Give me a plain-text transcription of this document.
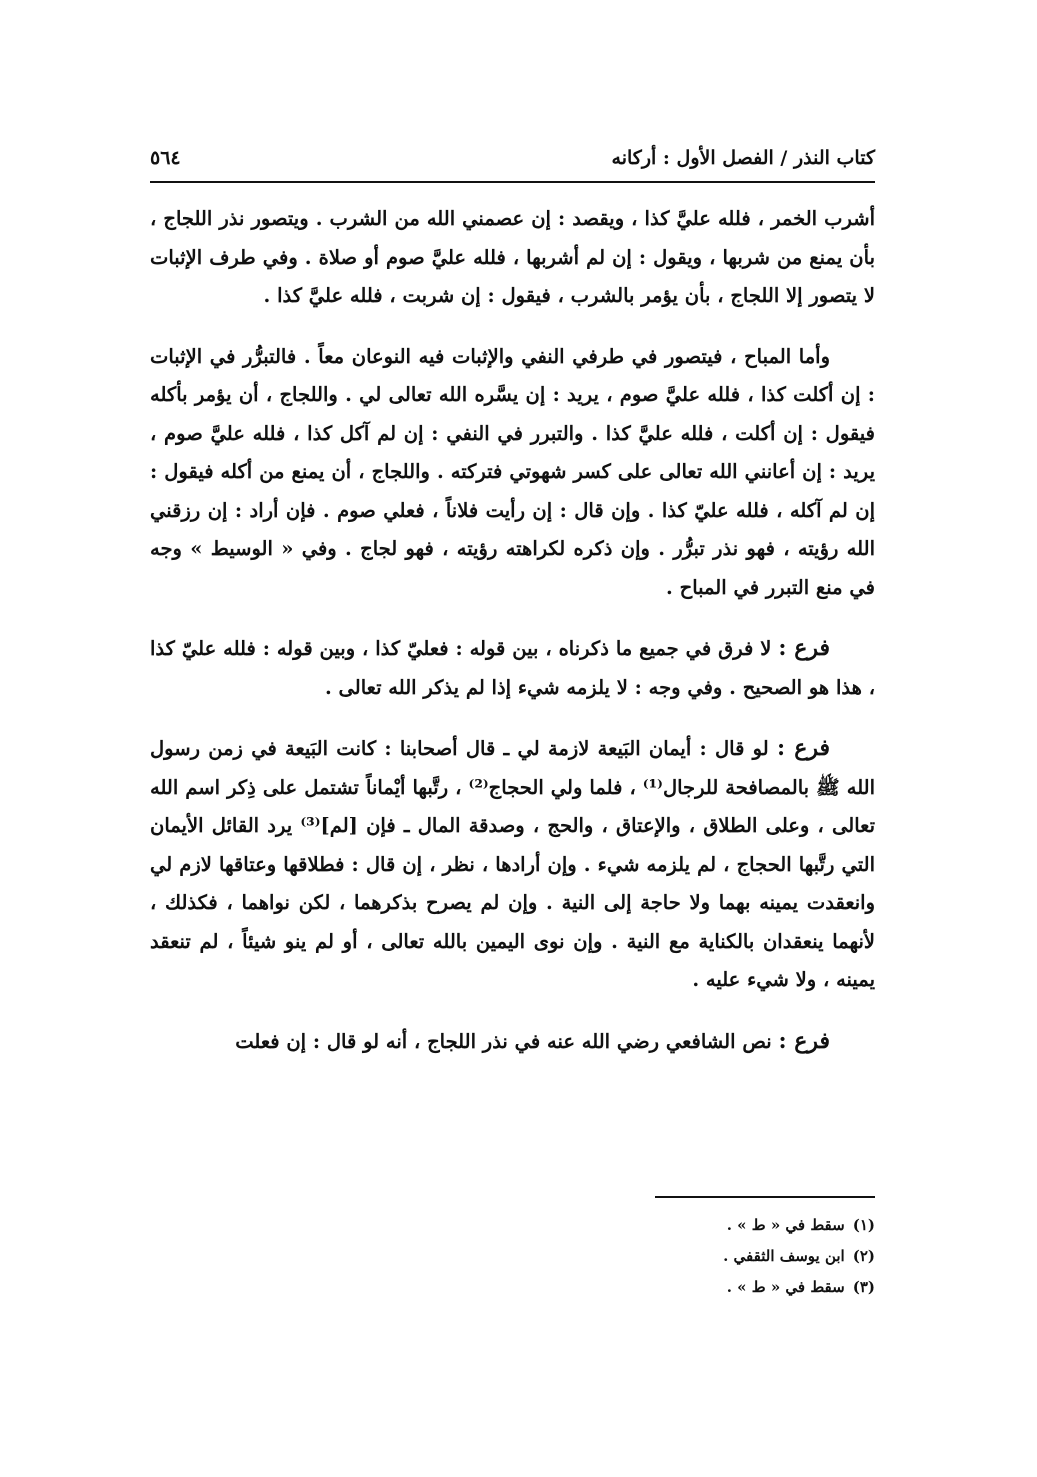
كتاب النذر / الفصل الأول : أركانه
٥٦٤

أشرب الخمر ، فلله عليَّ كذا ، ويقصد : إن عصمني الله من الشرب . ويتصور نذر اللجاج ، بأن يمنع من شربها ، ويقول : إن لم أشربها ، فلله عليَّ صوم أو صلاة . وفي طرف الإثبات لا يتصور إلا اللجاج ، بأن يؤمر بالشرب ، فيقول : إن شربت ، فلله عليَّ كذا .

وأما المباح ، فيتصور في طرفي النفي والإثبات فيه النوعان معاً . فالتبرُّر في الإثبات : إن أكلت كذا ، فلله عليَّ صوم ، يريد : إن يسَّره الله تعالى لي . واللجاج ، أن يؤمر بأكله فيقول : إن أكلت ، فلله عليَّ كذا . والتبرر في النفي : إن لم آكل كذا ، فلله عليَّ صوم ، يريد : إن أعانني الله تعالى على كسر شهوتي فتركته . واللجاج ، أن يمنع من أكله فيقول : إن لم آكله ، فلله عليّ كذا . وإن قال : إن رأيت فلاناً ، فعلي صوم . فإن أراد : إن رزقني الله رؤيته ، فهو نذر تبرُّر . وإن ذكره لكراهته رؤيته ، فهو لجاج . وفي « الوسيط » وجه في منع التبرر في المباح .

فرع : لا فرق في جميع ما ذكرناه ، بين قوله : فعليّ كذا ، وبين قوله : فلله عليّ كذا ، هذا هو الصحيح . وفي وجه : لا يلزمه شيء إذا لم يذكر الله تعالى .

فرع : لو قال : أيمان البَيعة لازمة لي ـ قال أصحابنا : كانت البَيعة في زمن رسول الله ﷺ بالمصافحة للرجال⁽¹⁾ ، فلما ولي الحجاج⁽²⁾ ، رتَّبها أيْماناً تشتمل على ذِكر اسم الله تعالى ، وعلى الطلاق ، والإعتاق ، والحج ، وصدقة المال ـ فإن [لم]⁽³⁾ يرد القائل الأيمان التي رتَّبها الحجاج ، لم يلزمه شيء . وإن أرادها ، نظر ، إن قال : فطلاقها وعتاقها لازم لي وانعقدت يمينه بهما ولا حاجة إلى النية . وإن لم يصرح بذكرهما ، لكن نواهما ، فكذلك ، لأنهما ينعقدان بالكناية مع النية . وإن نوى اليمين بالله تعالى ، أو لم ينو شيئاً ، لم تنعقد يمينه ، ولا شيء عليه .

فرع : نص الشافعي رضي الله عنه في نذر اللجاج ، أنه لو قال : إن فعلت

(١)سقط في « ط » .
(٢)ابن يوسف الثقفي .
(٣)سقط في « ط » .
